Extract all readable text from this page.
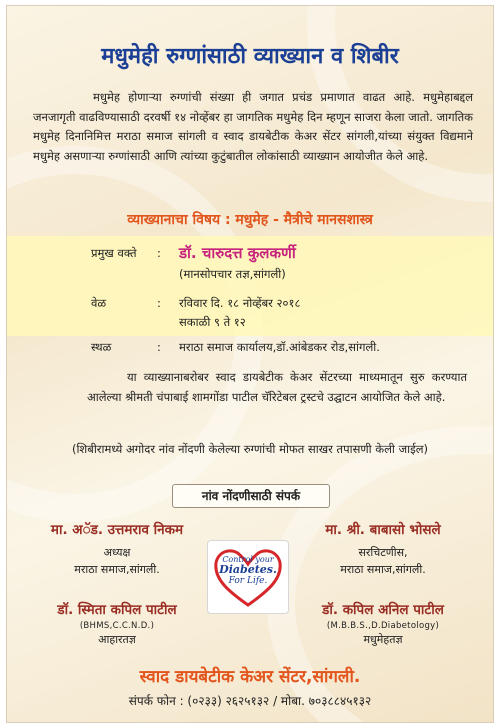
मधुमेही रुग्णांसाठी व्याख्यान व शिबीर
मधुमेह होणाऱ्या रुग्णांची संख्या ही जगात प्रचंड प्रमाणात वाढत आहे. मधुमेहाबद्दल जनजागृती वाढविण्यासाठी दरवर्षी १४ नोव्हेंबर हा जागतिक मधुमेह दिन म्हणून साजरा केला जातो. जागतिक मधुमेह दिनानिमित्त मराठा समाज सांगली व स्वाद डायबेटीक केअर सेंटर सांगली,यांच्या संयुक्त विद्यमाने मधुमेह असणाऱ्या रुग्णांसाठी आणि त्यांच्या कुटुंबातील लोकांसाठी व्याख्यान आयोजीत केले आहे.
व्याख्यानाचा विषय : मधुमेह - मैत्रीचे मानसशास्त्र
प्रमुख वक्ते : डॉ. चारुदत्त कुलकर्णी
(मानसोपचार तज्ञ,सांगली)
वेळ	: रविवार दि. १८ नोव्हेंबर २०१८
सकाळी ९ ते १२
स्थळ	: मराठा समाज कार्यालय,डॉ.आंबेडकर रोड,सांगली.
या व्याख्यानाबरोबर स्वाद डायबेटीक केअर सेंटरच्या माध्यमातून सुरु करण्यात आलेल्या श्रीमती चंपाबाई शामगोंडा पाटील चॅरिटेबल ट्रस्टचे उद्घाटन आयोजित केले आहे.
(शिबीरामध्ये अगोदर नांव नोंदणी केलेल्या रुग्णांची मोफत साखर तपासणी केली जाईल)
नांव नोंदणीसाठी संपर्क
मा. अॅड. उत्तमराव निकम
अध्यक्ष
मराठा समाज,सांगली.
मा. श्री. बाबासो भोसले
सरचिटणीस,
मराठा समाज,सांगली.
डॉ. स्मिता कपिल पाटील
(BHMS,C.C.N.D.)
आहारतज्ञ
डॉ. कपिल अनिल पाटील
(M.B.B.S.,D.Diabetology)
मधुमेहतज्ञ
Control your
Diabetes.
For Life.
स्वाद डायबेटीक केअर सेंटर,सांगली.
संपर्क फोन : (०२३३) २६२५१३२ / मोबा. ७०३८८४५१३२
